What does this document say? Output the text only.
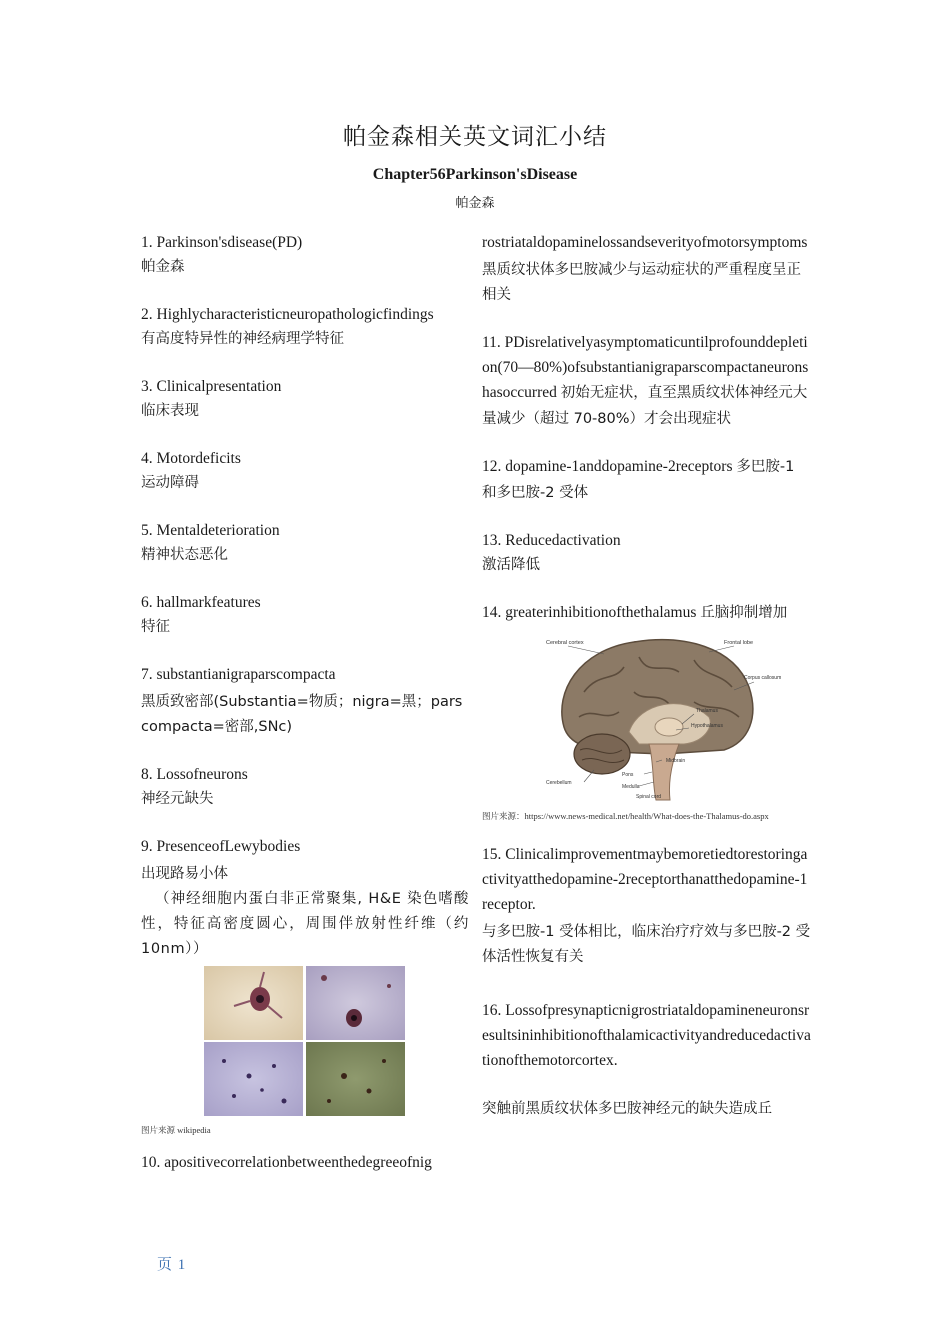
帕金森相关英文词汇小结
Chapter56Parkinson'sDisease
帕金森
1. Parkinson'sdisease(PD)
帕金森
2. Highlycharacteristicneuropathologicfindings
有高度特异性的神经病理学特征
3. Clinicalpresentation
临床表现
4. Motordeficits
运动障碍
5. Mentaldeterioration
精神状态恶化
6. hallmarkfeatures
特征
7. substantianigraparscompacta
黑质致密部(Substantia=物质；nigra=黑；parscompacta=密部,SNc)
8. Lossofneurons
神经元缺失
9. PresenceofLewybodies
出现路易小体
（神经细胞内蛋白非正常聚集, H&E 染色嗜酸性，特征高密度圆心，周围伴放射性纤维（约 10nm））
图片来源 wikipedia
10. apositivecorrelationbetweenthedegreeofnig
rostriataldopaminelossandseverityofmotorsymptoms
黑质纹状体多巴胺减少与运动症状的严重程度呈正相关
11. PDisrelativelyasymptomaticuntilprofounddepletion(70—80%)ofsubstantianigraparscompactaneuronshasoccurred 初始无症状，直至黑质纹状体神经元大量减少（超过 70-80%）才会出现症状
12. dopamine-1anddopamine-2receptors 多巴胺-1 和多巴胺-2 受体
13. Reducedactivation
激活降低
14. greaterinhibitionofthethalamus 丘脑抑制增加
Cerebral cortex	Frontal lobe
Corpus callosum
Thalamus
Hypothalamus
Midbrain
Pons
Medulla
Cerebellum
Spinal cord
图片来源：https://www.news-medical.net/health/What-does-the-Thalamus-do.aspx
15. Clinicalimprovementmaybemoretiedtorestoringactivityatthedopamine-2receptorthanatthedopamine-1receptor.
与多巴胺-1 受体相比，临床治疗疗效与多巴胺-2 受体活性恢复有关
16. Lossofpresynapticnigrostriataldopamineneuronsresultsininhibitionofthalamicactivityandreducedactivationofthemotorcortex.
突触前黑质纹状体多巴胺神经元的缺失造成丘
页 1
